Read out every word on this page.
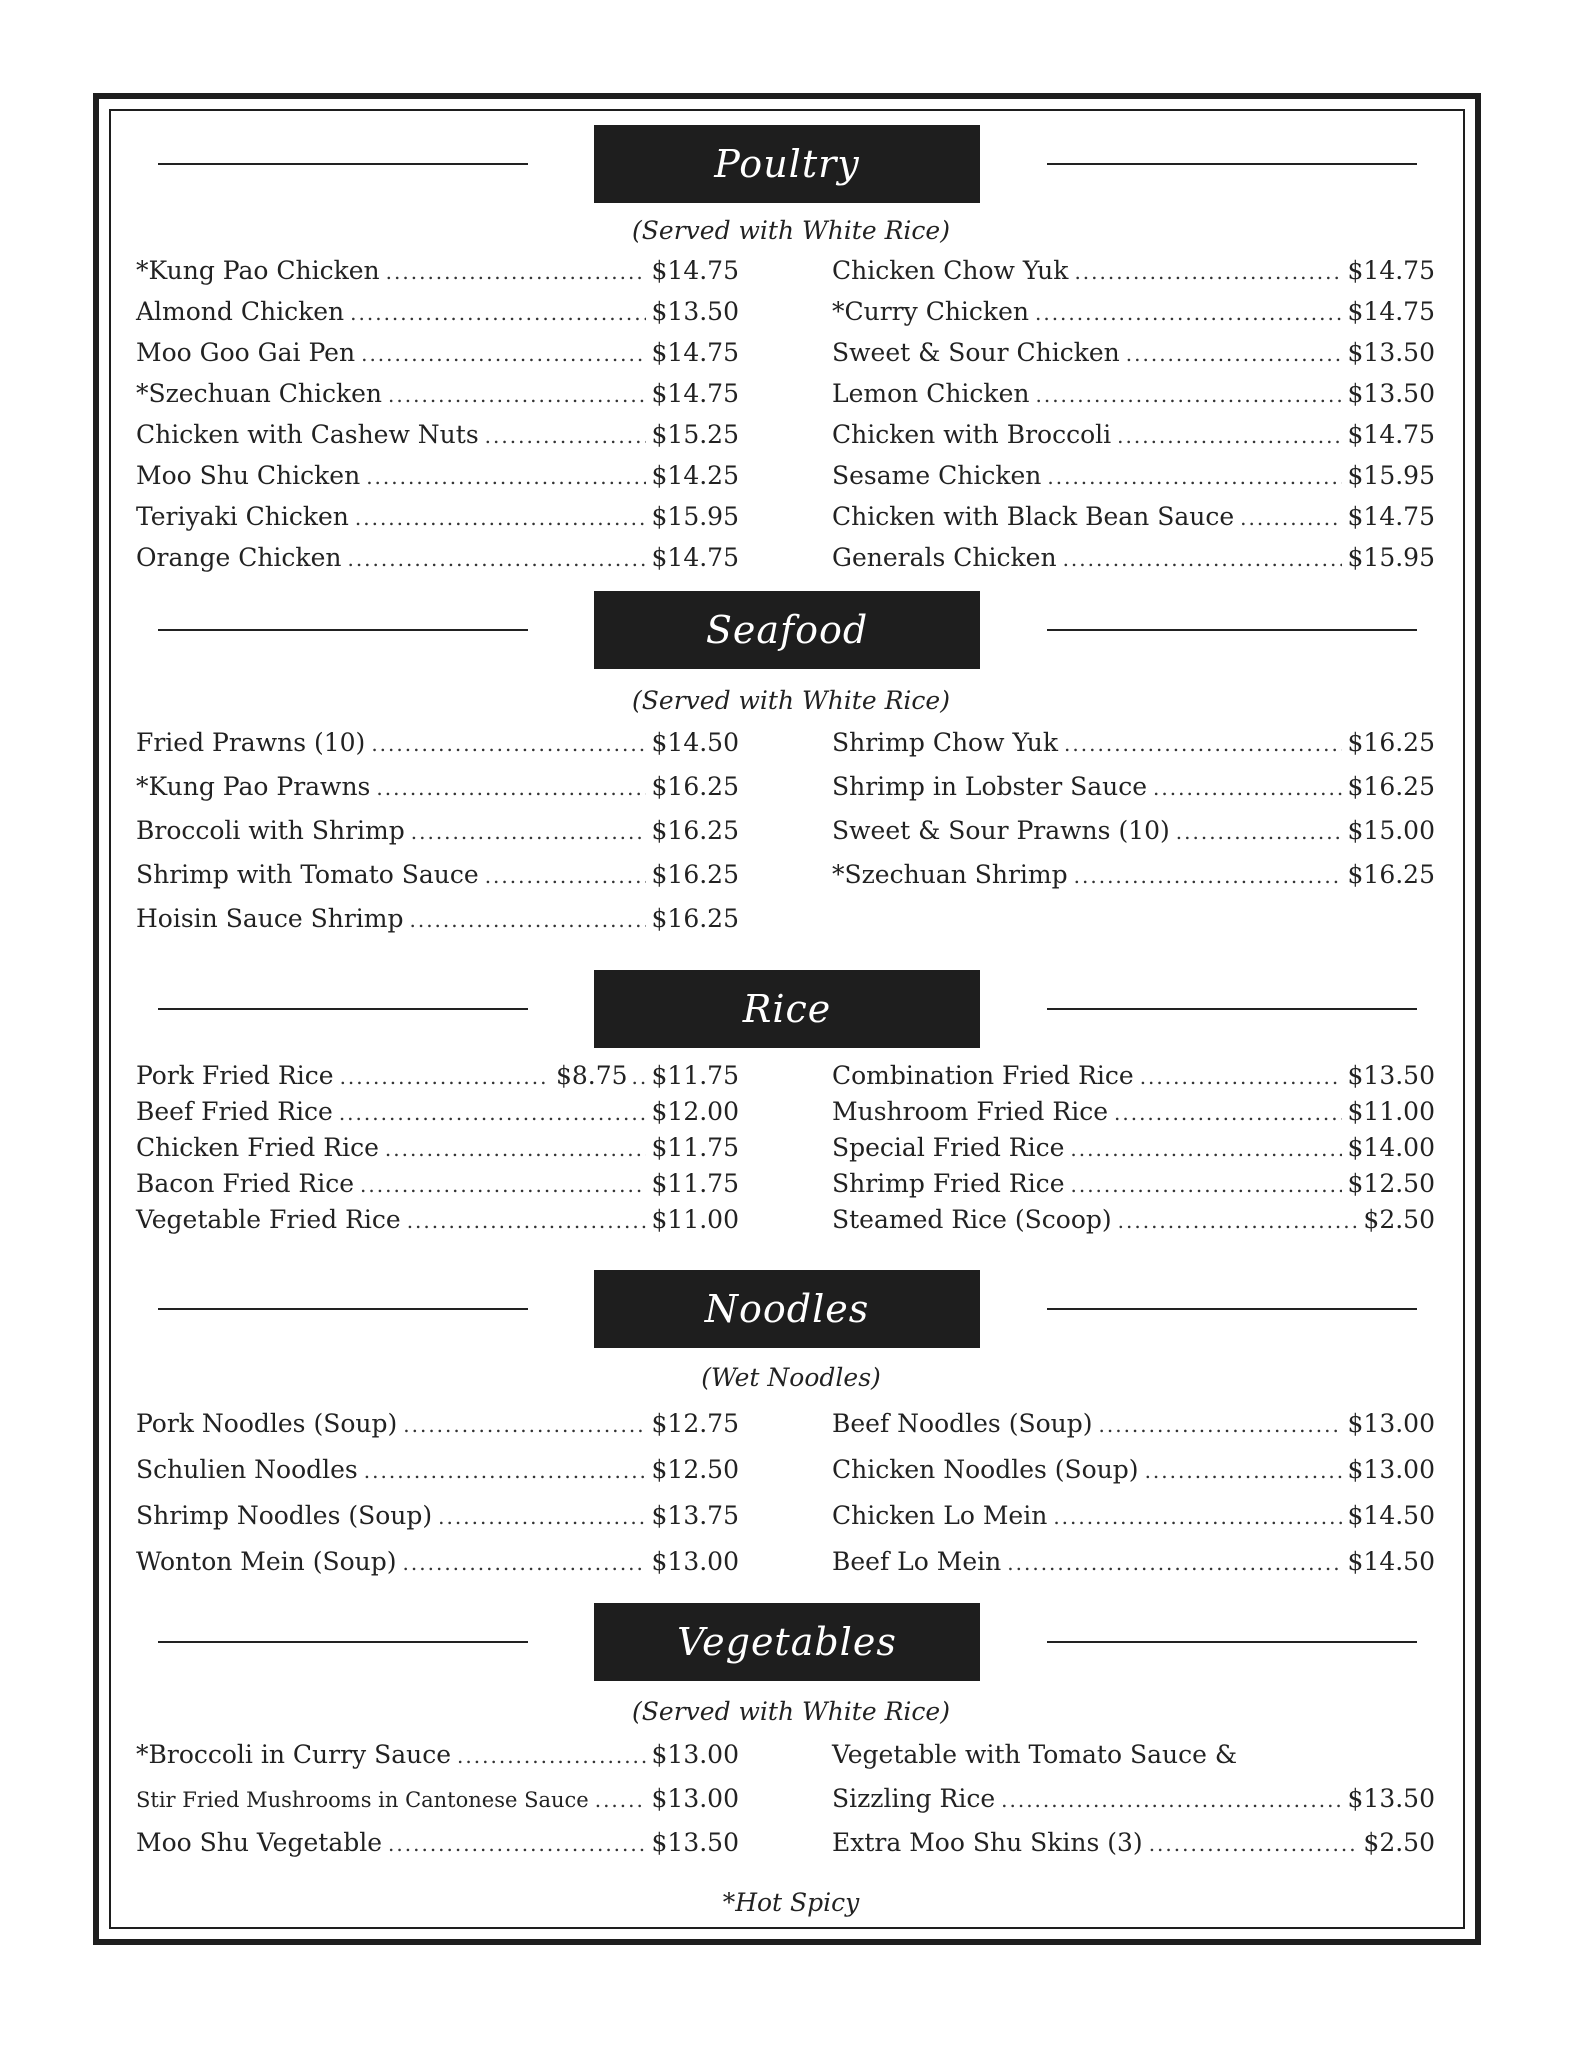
Poultry
(Served with White Rice)
*Kung Pao Chicken .....	$14.75
Almond Chicken .....	$13.50
Moo Goo Gai Pen .....	$14.75
*Szechuan Chicken .....	$14.75
Chicken with Cashew Nuts .....	$15.25
Moo Shu Chicken .....	$14.25
Teriyaki Chicken .....	$15.95
Orange Chicken .....	$14.75
Chicken Chow Yuk .....	$14.75
*Curry Chicken .....	$14.75
Sweet & Sour Chicken .....	$13.50
Lemon Chicken .....	$13.50
Chicken with Broccoli .....	$14.75
Sesame Chicken .....	$15.95
Chicken with Black Bean Sauce .....	$14.75
Generals Chicken .....	$15.95
Seafood
(Served with White Rice)
Fried Prawns (10) .....	$14.50
*Kung Pao Prawns .....	$16.25
Broccoli with Shrimp .....	$16.25
Shrimp with Tomato Sauce .....	$16.25
Hoisin Sauce Shrimp .....	$16.25
Shrimp Chow Yuk .....	$16.25
Shrimp in Lobster Sauce .....	$16.25
Sweet & Sour Prawns (10) .....	$15.00
*Szechuan Shrimp .....	$16.25
Rice
Pork Fried Rice .....	$8.75 ..... $11.75
Beef Fried Rice .....	$12.00
Chicken Fried Rice .....	$11.75
Bacon Fried Rice .....	$11.75
Vegetable Fried Rice .....	$11.00
Combination Fried Rice .....	$13.50
Mushroom Fried Rice .....	$11.00
Special Fried Rice .....	$14.00
Shrimp Fried Rice .....	$12.50
Steamed Rice (Scoop) .....	$2.50
Noodles
(Wet Noodles)
Pork Noodles (Soup) .....	$12.75
Schulien Noodles .....	$12.50
Shrimp Noodles (Soup) .....	$13.75
Wonton Mein (Soup) .....	$13.00
Beef Noodles (Soup) .....	$13.00
Chicken Noodles (Soup) .....	$13.00
Chicken Lo Mein .....	$14.50
Beef Lo Mein .....	$14.50
Vegetables
(Served with White Rice)
*Broccoli in Curry Sauce .....	$13.00
Stir Fried Mushrooms in Cantonese Sauce .....	$13.00
Moo Shu Vegetable .....	$13.50
Vegetable with Tomato Sauce &
Sizzling Rice .....	$13.50
Extra Moo Shu Skins (3) .....	$2.50
*Hot Spicy
